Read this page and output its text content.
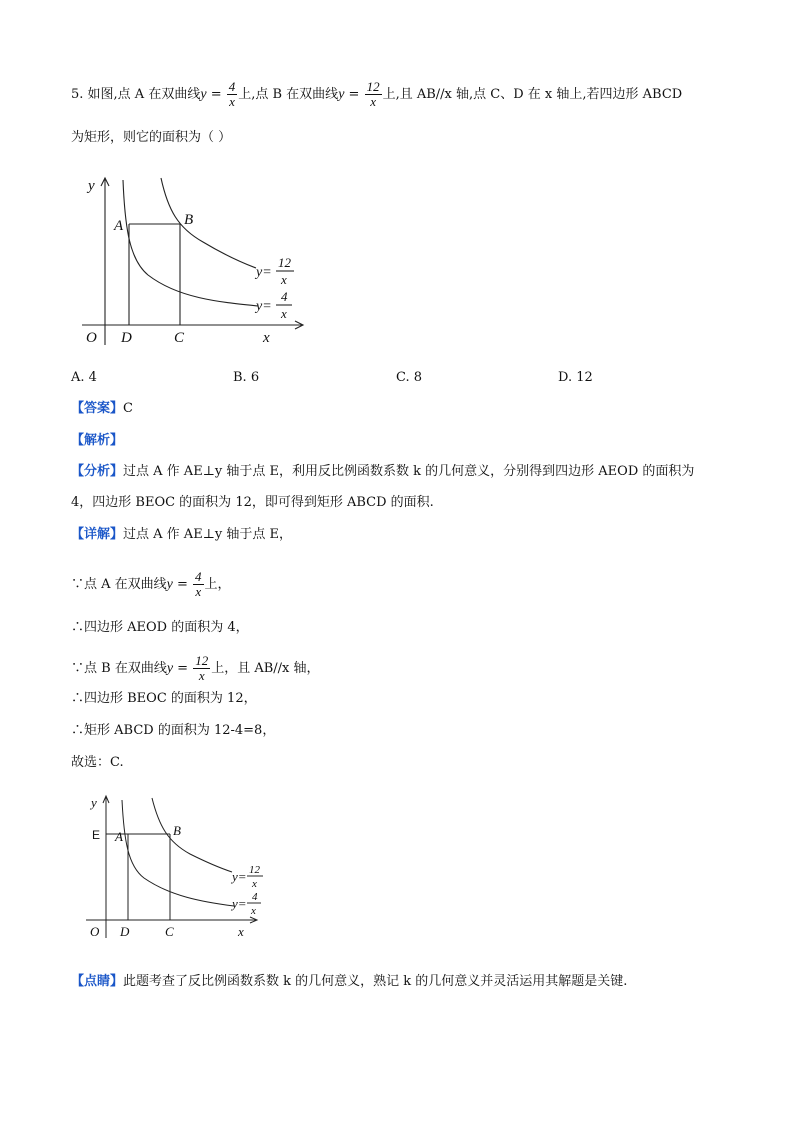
5. 如图,点 A 在双曲线$y = \frac{4}{x}$ 上,点 B 在双曲线$y = \frac{12}{x}$ 上,且 AB//x 轴,点 C、D 在 x 轴上,若四边形 ABCD
为矩形，则它的面积为（ ）
y
x
O
A	B
C
D
y=
12
x
y=
4
x
A. 4	B. 6	C. 8	D. 12
【答案】C
【解析】
【分析】过点 A 作 AE⊥y 轴于点 E，利用反比例函数系数 k 的几何意义，分别得到四边形 AEOD 的面积为
4，四边形 BEOC 的面积为 12，即可得到矩形 ABCD 的面积.
【详解】过点 A 作 AE⊥y 轴于点 E，
∵点 A 在双曲线$y = \frac{4}{x}$ 上，
∴四边形 AEOD 的面积为 4，
∵点 B 在双曲线$y = \frac{12}{x}$ 上，且 AB//x 轴，
∴四边形 BEOC 的面积为 12，
∴矩形 ABCD 的面积为 12-4=8，
故选：C.
y
x
O
E A	B
C
D
y= 12
x
y= 4
x
【点睛】此题考查了反比例函数系数 k 的几何意义，熟记 k 的几何意义并灵活运用其解题是关键.
